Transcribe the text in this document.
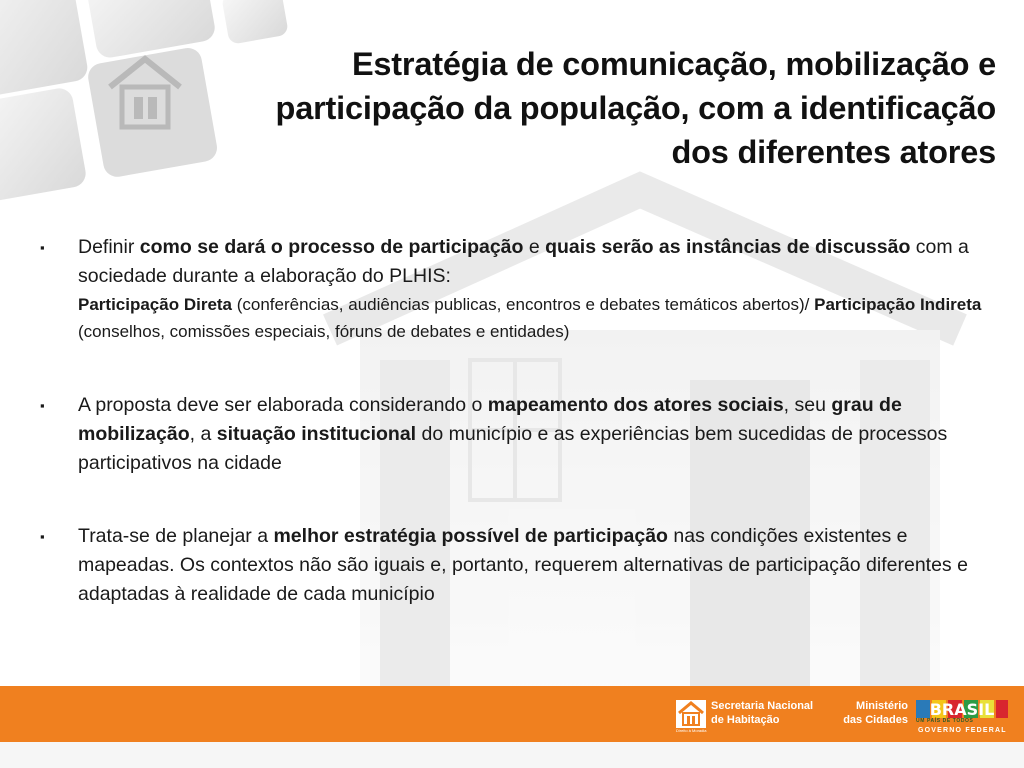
Estratégia de comunicação, mobilização e
participação da população, com a identificação
dos diferentes atores
▪ Definir como se dará o processo de participação e quais serão as instâncias de discussão com a sociedade durante a elaboração do PLHIS:
Participação Direta (conferências, audiências publicas, encontros e debates temáticos abertos)/ Participação Indireta (conselhos, comissões especiais, fóruns de debates e entidades)
▪ A proposta deve ser elaborada considerando o mapeamento dos atores sociais, seu grau de mobilização, a situação institucional do município e as experiências bem sucedidas de processos participativos na cidade
▪ Trata-se de planejar a melhor estratégia possível de participação nas condições existentes e mapeadas. Os contextos não são iguais e, portanto, requerem alternativas de participação diferentes e adaptadas à realidade de cada município
Direito à Moradia
Secretaria Nacional
de Habitação
Ministério
das Cidades
BRASIL
UM PAÍS DE TODOS
GOVERNO FEDERAL
